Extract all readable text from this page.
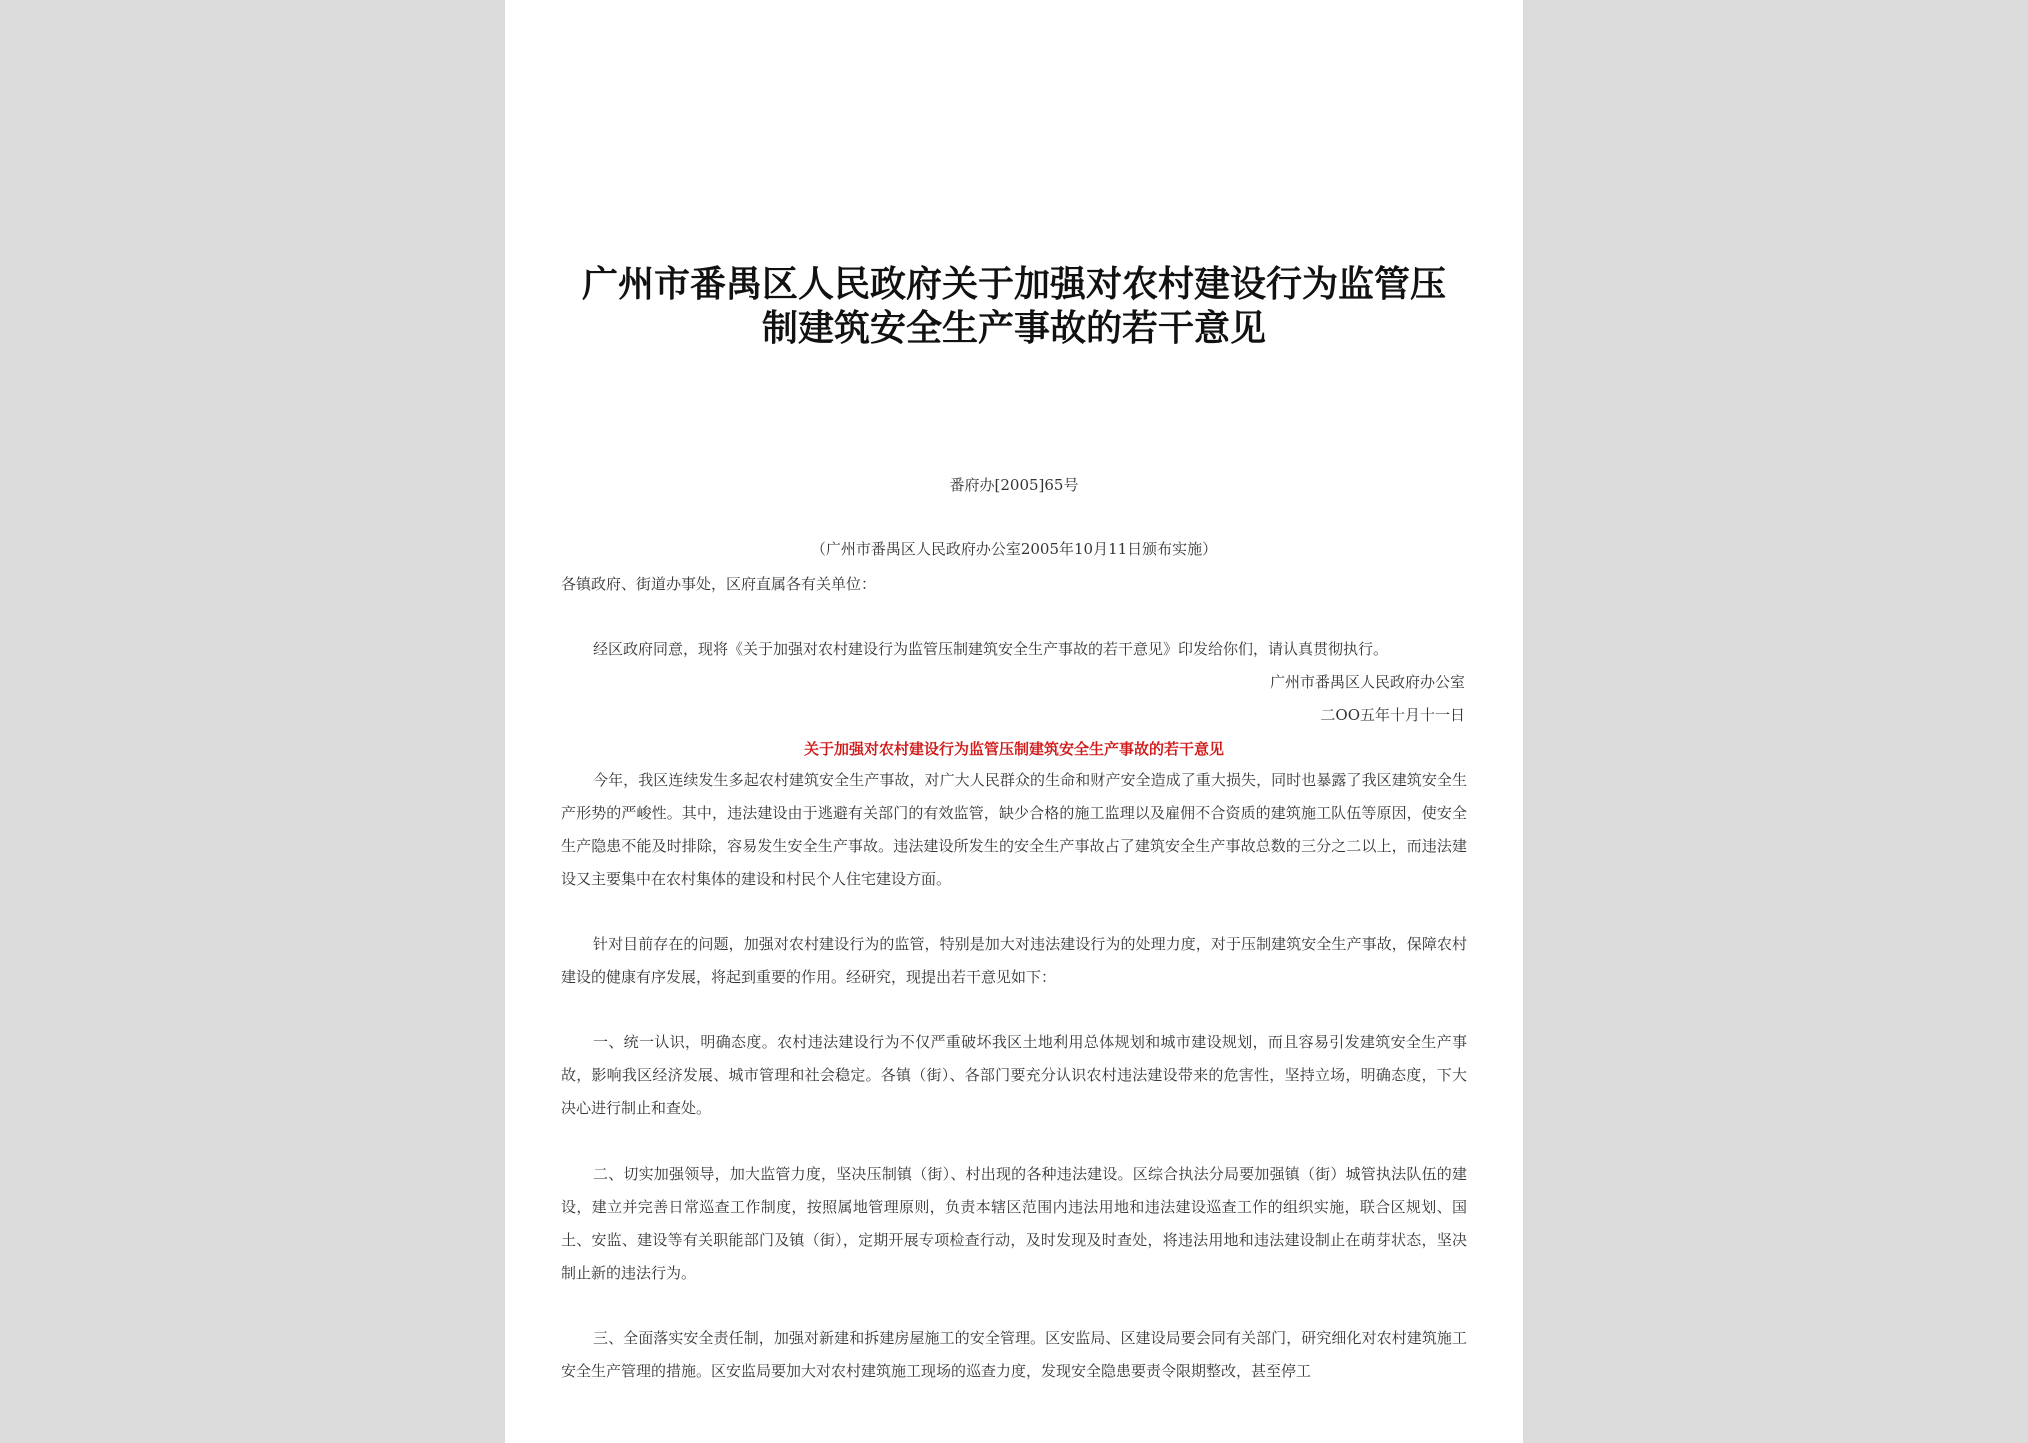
广州市番禺区人民政府关于加强对农村建设行为监管压
制建筑安全生产事故的若干意见
番府办[2005]65号
（广州市番禺区人民政府办公室2005年10月11日颁布实施）
各镇政府、街道办事处，区府直属各有关单位：
经区政府同意，现将《关于加强对农村建设行为监管压制建筑安全生产事故的若干意见》印发给你们，请认真贯彻执行。
广州市番禺区人民政府办公室
二OO五年十月十一日
关于加强对农村建设行为监管压制建筑安全生产事故的若干意见

今年，我区连续发生多起农村建筑安全生产事故，对广大人民群众的生命和财产安全造成了重大损失，同时也暴露了我区建筑安全生产形势的严峻性。其中，违法建设由于逃避有关部门的有效监管，缺少合格的施工监理以及雇佣不合资质的建筑施工队伍等原因，使安全生产隐患不能及时排除，容易发生安全生产事故。违法建设所发生的安全生产事故占了建筑安全生产事故总数的三分之二以上，而违法建设又主要集中在农村集体的建设和村民个人住宅建设方面。

针对目前存在的问题，加强对农村建设行为的监管，特别是加大对违法建设行为的处理力度，对于压制建筑安全生产事故，保障农村建设的健康有序发展，将起到重要的作用。经研究，现提出若干意见如下：

一、统一认识，明确态度。农村违法建设行为不仅严重破坏我区土地利用总体规划和城市建设规划，而且容易引发建筑安全生产事故，影响我区经济发展、城市管理和社会稳定。各镇（街）、各部门要充分认识农村违法建设带来的危害性，坚持立场，明确态度，下大决心进行制止和查处。

二、切实加强领导，加大监管力度，坚决压制镇（街）、村出现的各种违法建设。区综合执法分局要加强镇（街）城管执法队伍的建设，建立并完善日常巡查工作制度，按照属地管理原则，负责本辖区范围内违法用地和违法建设巡查工作的组织实施，联合区规划、国土、安监、建设等有关职能部门及镇（街），定期开展专项检查行动，及时发现及时查处，将违法用地和违法建设制止在萌芽状态，坚决制止新的违法行为。

三、全面落实安全责任制，加强对新建和拆建房屋施工的安全管理。区安监局、区建设局要会同有关部门，研究细化对农村建筑施工安全生产管理的措施。区安监局要加大对农村建筑施工现场的巡查力度，发现安全隐患要责令限期整改，甚至停工
